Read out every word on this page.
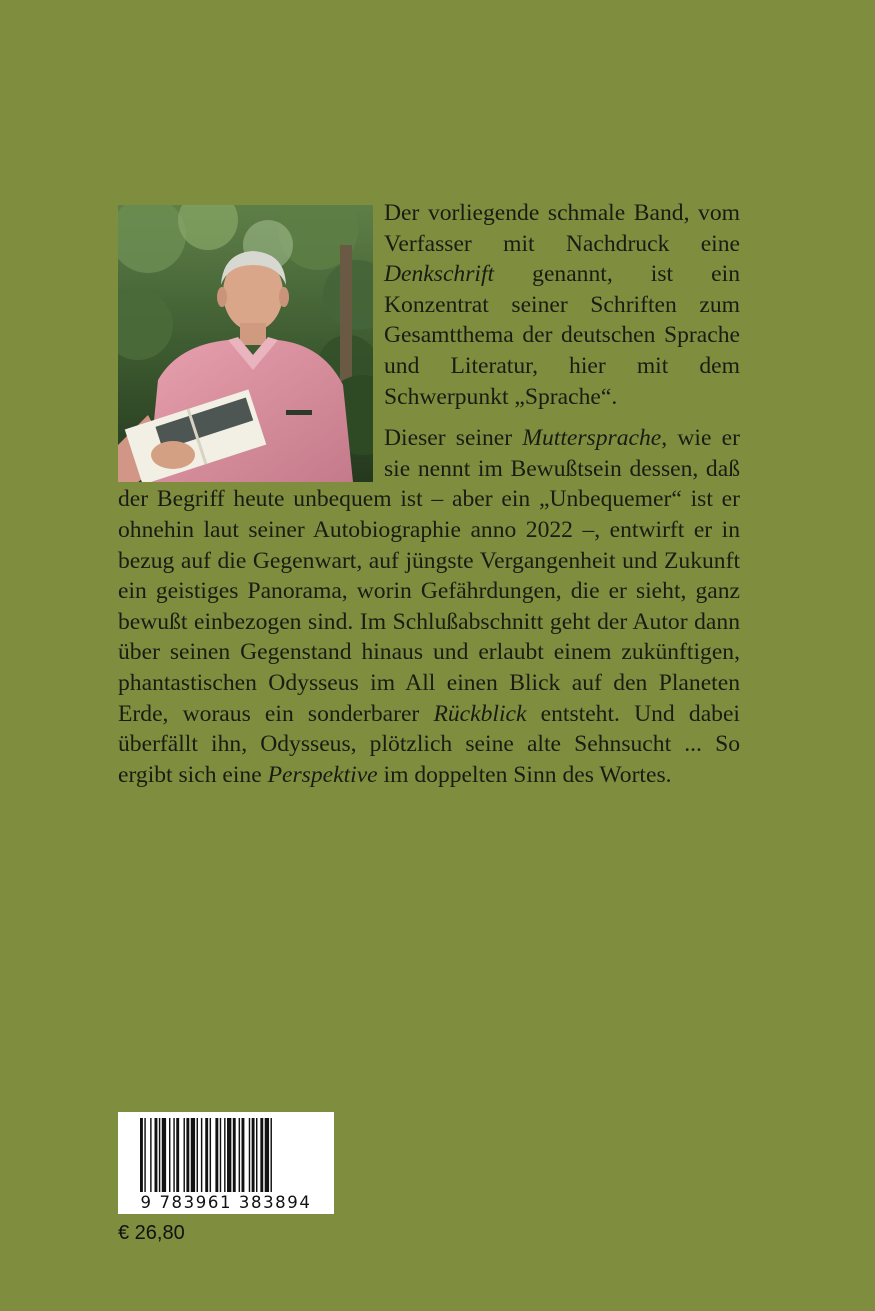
Der vorliegende schmale Band, vom Verfasser mit Nachdruck eine Denkschrift genannt, ist ein Konzentrat seiner Schriften zum Gesamtthema der deutschen Sprache und Literatur, hier mit dem Schwerpunkt „Sprache“.

Dieser seiner Muttersprache, wie er sie nennt im Bewußtsein dessen, daß der Begriff heute unbequem ist – aber ein „Unbequemer“ ist er ohnehin laut seiner Autobiographie anno 2022 –, entwirft er in bezug auf die Gegenwart, auf jüngste Vergangenheit und Zukunft ein geistiges Panorama, worin Gefährdungen, die er sieht, ganz bewußt einbezogen sind. Im Schlußabschnitt geht der Autor dann über seinen Gegenstand hinaus und erlaubt einem zukünftigen, phantastischen Odysseus im All einen Blick auf den Planeten Erde, woraus ein sonderbarer Rückblick entsteht. Und dabei überfällt ihn, Odysseus, plötzlich seine alte Sehnsucht ... So ergibt sich eine Perspektive im doppelten Sinn des Wortes.

9 783961 383894
€ 26,80
